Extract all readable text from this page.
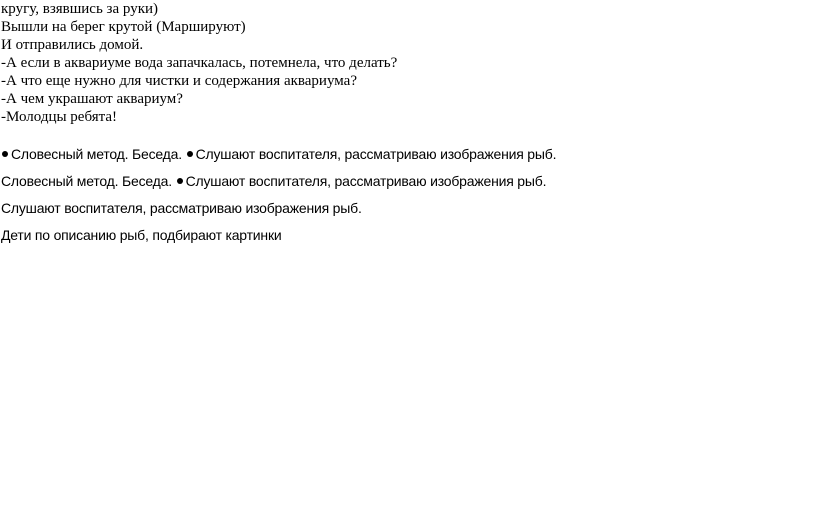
кругу, взявшись за руки)
Вышли на берег крутой (Маршируют)
И отправились домой.
-А если в аквариуме вода запачкалась, потемнела, что делать?
-А что еще нужно для чистки и содержания аквариума?
-А чем украшают аквариум?
-Молодцы ребята!
Словесный метод. Беседа. Слушают воспитателя, рассматриваю изображения рыб.
Словесный метод. Беседа. Слушают воспитателя, рассматриваю изображения рыб.
Слушают воспитателя, рассматриваю изображения рыб.
Дети по описанию рыб, подбирают картинки
